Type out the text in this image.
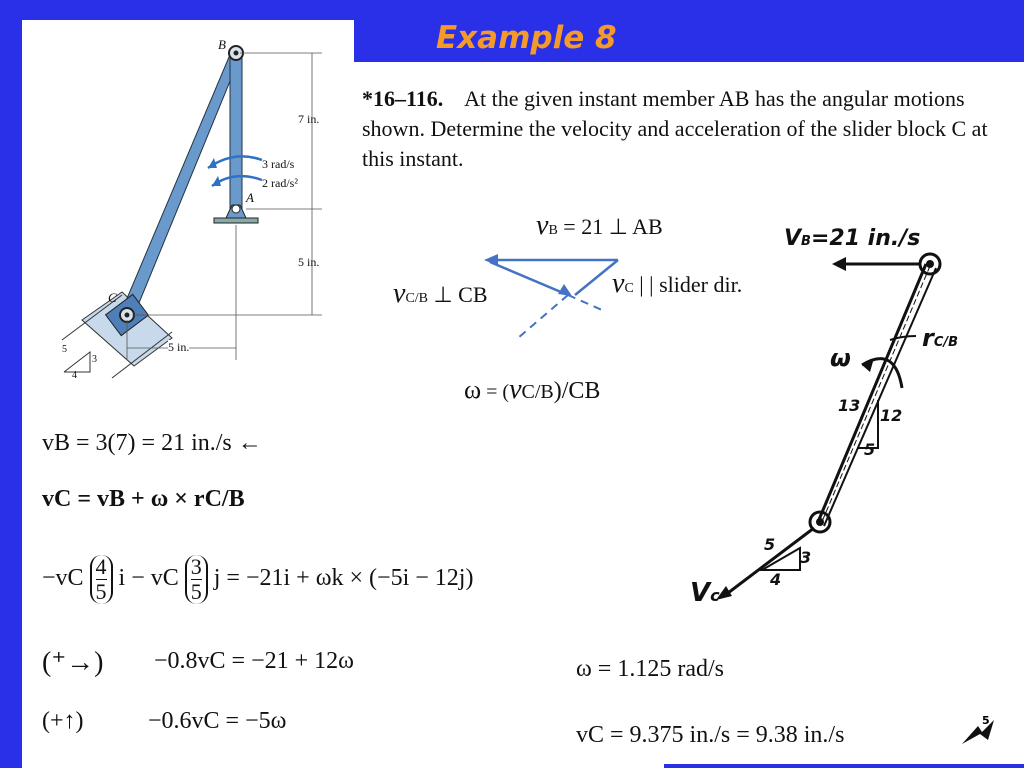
Example 8
*16–116. At the given instant member AB has the angular motions shown. Determine the velocity and acceleration of the slider block C at this instant.
B
A
C
7 in.
5 in.
5 in.
3 rad/s
2 rad/s²
5
3
4
vB = 21 ⊥ AB
vC | | slider dir.
vC/B ⊥ CB
ω = (vC/B)/CB
VB=21 in./s
rC/B
ω
13
12
5
5
3
4
Vc
vB = 3(7) = 21 in./s ←
vC = vB + ω × rC/B
$-vC \frac{4}{5}$ i − vC $\frac{3}{5}$ j = −21i + ωk × (−5i − 12j)
(⁺→) −0.8vC = −21 + 12ω
(+↑)	−0.6vC = −5ω
ω = 1.125 rad/s
vC = 9.375 in./s = 9.38 in./s
5
